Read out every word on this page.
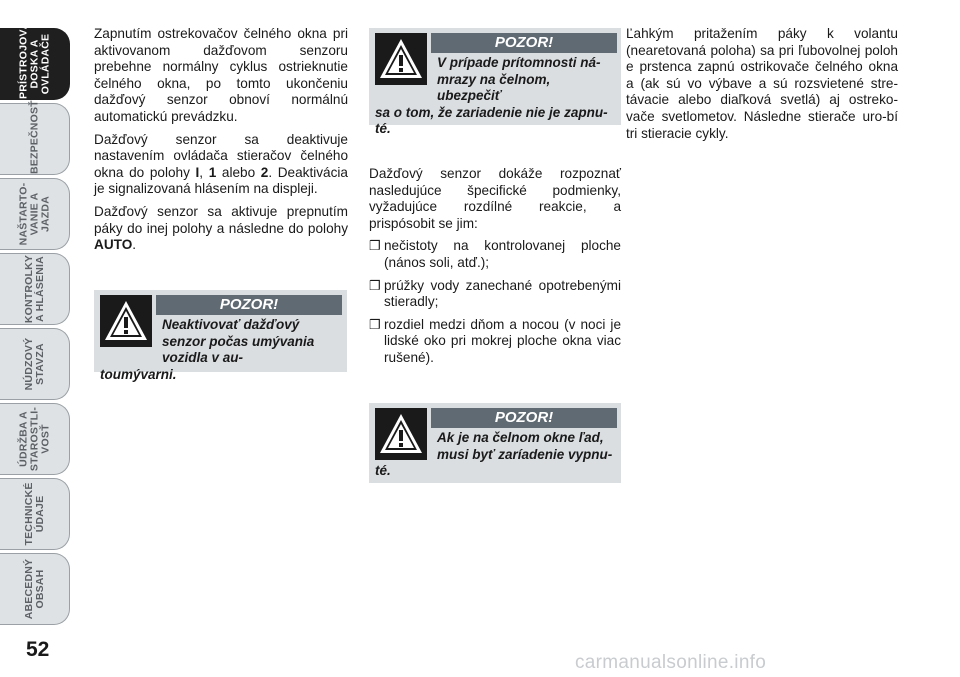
PRÍSTROJOVÁ
DOSKA A
OVLÁDAČE
BEZPEČNOSŤ
NAŠTARTO-
VANIE A
JAZDA
KONTROLKY
A HLÁSENIA
NÚDZOVÝ
STAVZA
ÚDRŽBA A
STAROSTLI-
VOSŤ
TECHNICKÉ
ÚDAJE
ABECEDNÝ
OBSAH
52

Zapnutím ostrekovačov čelného okna pri aktivovanom dažďovom senzoru prebehne normálny cyklus ostrieknutie čelného okna, po tomto ukončeniu dažďový senzor obnoví normálnú automatickú prevádzku.

Dažďový senzor sa deaktivuje nastavením ovládača stieračov čelného okna do polohy I, 1 alebo 2. Deaktivácia je signalizovaná hlásením na displeji.

Dažďový senzor sa aktivuje prepnutím páky do inej polohy a následne do polohy AUTO.

POZOR!
Neaktivovať dažďový senzor počas umývania vozidla v au-
toumývarni.
POZOR!
V prípade prítomnosti ná-mrazy na čelnom, ubezpečiť
sa o tom, že zariadenie nie je zapnu-té.

Dažďový senzor dokáže rozpoznať nasledujúce špecifické podmienky, vyžadujúce rozdílné reakcie, a prispósobit se jim:

❒ nečistoty na kontrolovanej ploche (nános soli, atď.);
❒ prúžky vody zanechané opotrebenými stieradly;
❒ rozdiel medzi dňom a nocou (v noci je lidské oko pri mokrej ploche okna viac rušené).
POZOR!
Ak je na čelnom okne ľad, musi byť zaríadenie vypnu-
té.

Ľahkým pritažením páky k volantu (nearetovaná poloha) sa pri ľubovolnej poloh e prstenca zapnú ostrikovače čelného okna a (ak sú vo výbave a sú rozsvietené stre-távacie alebo diaľková svetlá) aj ostreko-vače svetlometov. Následne stierače uro-bí tri stieracie cykly.

carmanualsonline.info
